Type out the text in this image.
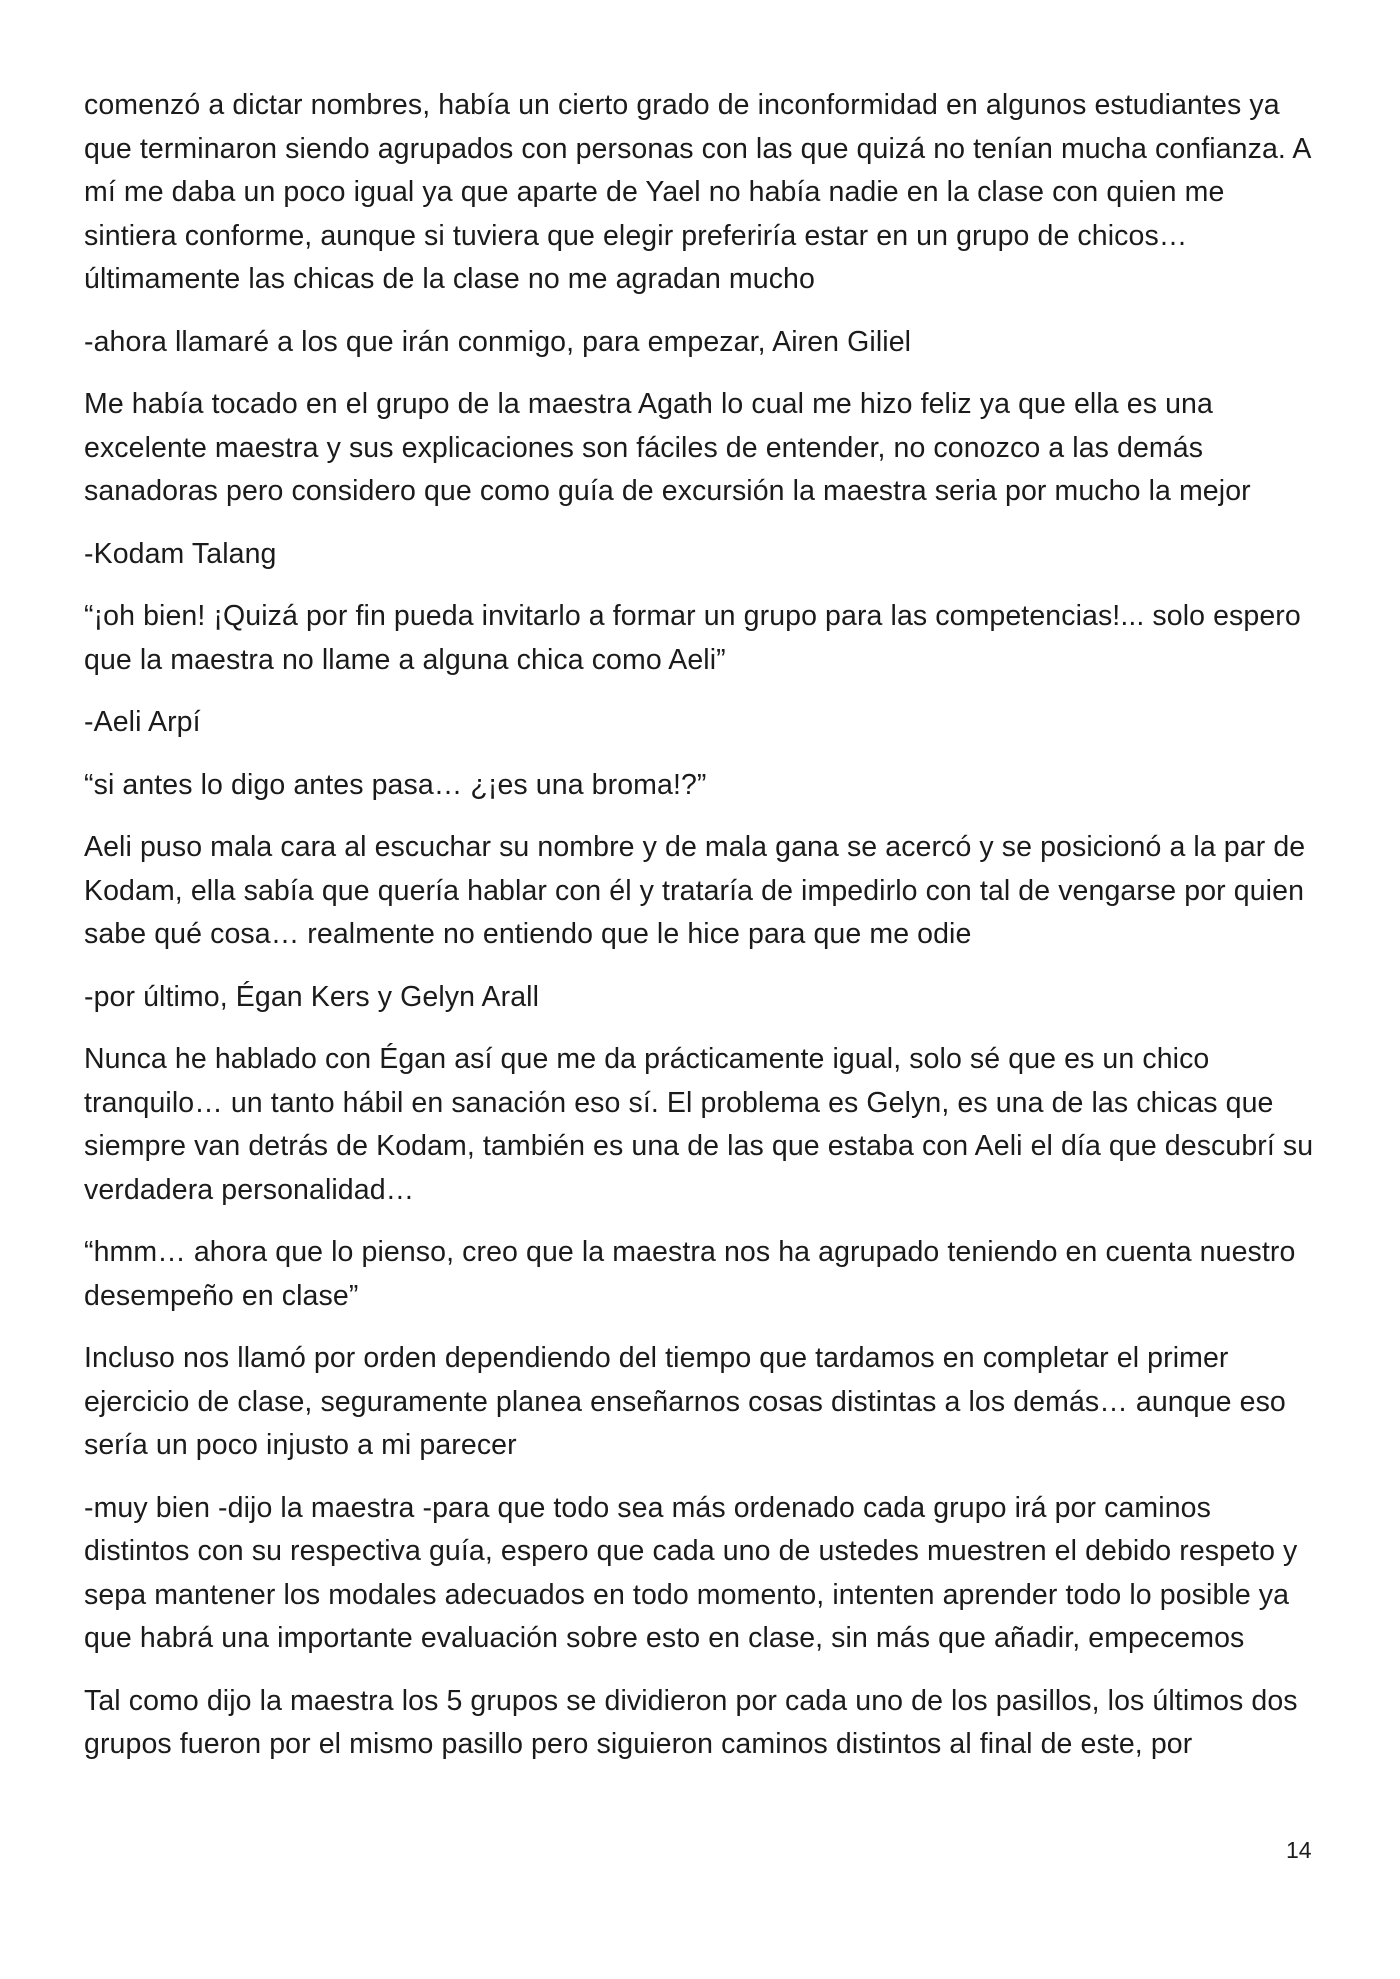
comenzó a dictar nombres, había un cierto grado de inconformidad en algunos estudiantes ya que terminaron siendo agrupados con personas con las que quizá no tenían mucha confianza. A mí me daba un poco igual ya que aparte de Yael no había nadie en la clase con quien me sintiera conforme, aunque si tuviera que elegir preferiría estar en un grupo de chicos… últimamente las chicas de la clase no me agradan mucho

-ahora llamaré a los que irán conmigo, para empezar, Airen Giliel

Me había tocado en el grupo de la maestra Agath lo cual me hizo feliz ya que ella es una excelente maestra y sus explicaciones son fáciles de entender, no conozco a las demás sanadoras pero considero que como guía de excursión la maestra seria por mucho la mejor

-Kodam Talang

“¡oh bien! ¡Quizá por fin pueda invitarlo a formar un grupo para las competencias!... solo espero que la maestra no llame a alguna chica como Aeli”

-Aeli Arpí

“si antes lo digo antes pasa… ¿¡es una broma!?”

Aeli puso mala cara al escuchar su nombre y de mala gana se acercó y se posicionó a la par de Kodam, ella sabía que quería hablar con él y trataría de impedirlo con tal de vengarse por quien sabe qué cosa… realmente no entiendo que le hice para que me odie

-por último, Égan Kers y Gelyn Arall

Nunca he hablado con Égan así que me da prácticamente igual, solo sé que es un chico tranquilo… un tanto hábil en sanación eso sí. El problema es Gelyn, es una de las chicas que siempre van detrás de Kodam, también es una de las que estaba con Aeli el día que descubrí su verdadera personalidad…

“hmm… ahora que lo pienso, creo que la maestra nos ha agrupado teniendo en cuenta nuestro desempeño en clase”

Incluso nos llamó por orden dependiendo del tiempo que tardamos en completar el primer ejercicio de clase, seguramente planea enseñarnos cosas distintas a los demás… aunque eso sería un poco injusto a mi parecer

-muy bien -dijo la maestra -para que todo sea más ordenado cada grupo irá por caminos distintos con su respectiva guía, espero que cada uno de ustedes muestren el debido respeto y sepa mantener los modales adecuados en todo momento, intenten aprender todo lo posible ya que habrá una importante evaluación sobre esto en clase, sin más que añadir, empecemos

Tal como dijo la maestra los 5 grupos se dividieron por cada uno de los pasillos, los últimos dos grupos fueron por el mismo pasillo pero siguieron caminos distintos al final de este, por

14
